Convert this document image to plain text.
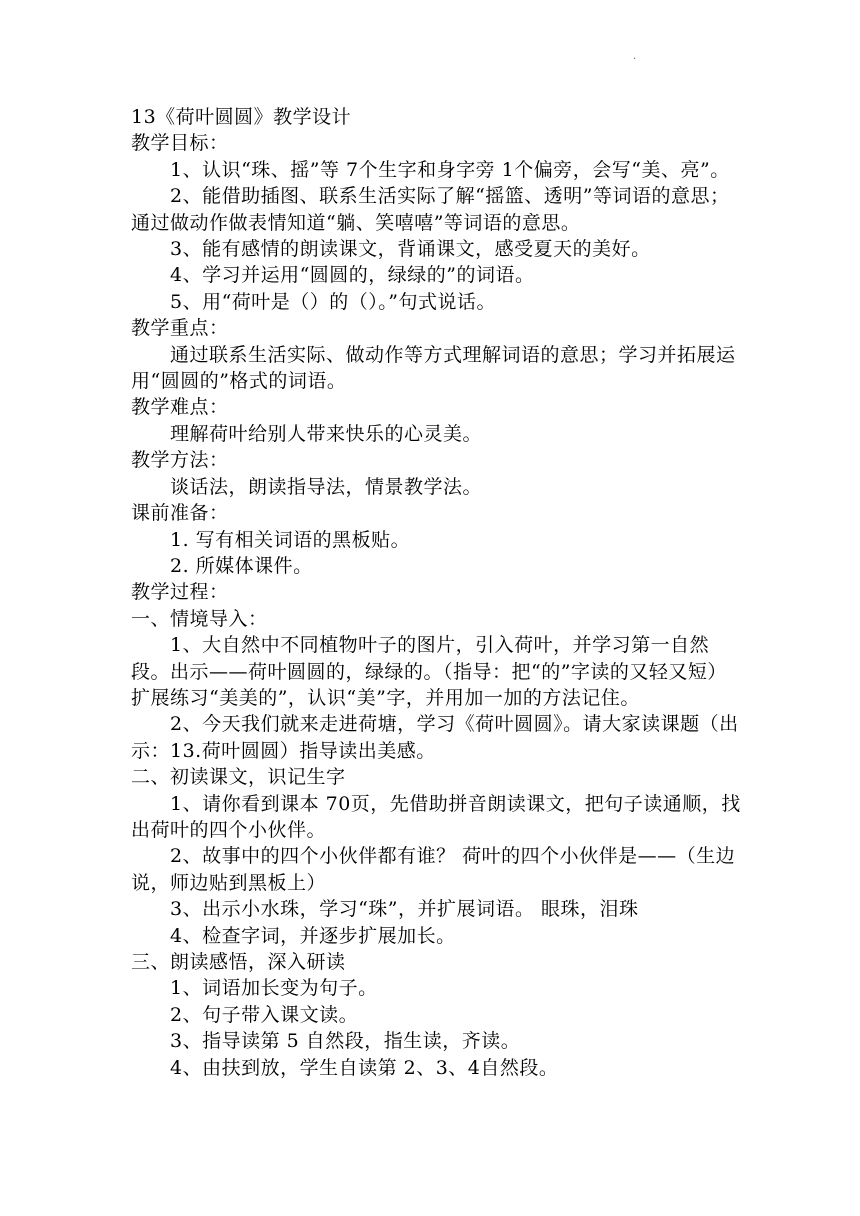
.

13《荷叶圆圆》教学设计

教学目标：

1、认识“珠、摇”等 7个生字和身字旁 1个偏旁，会写“美、亮”。

2、能借助插图、联系生活实际了解“摇篮、透明”等词语的意思；通过做动作做表情知道“躺、笑嘻嘻”等词语的意思。

3、能有感情的朗读课文，背诵课文，感受夏天的美好。

4、学习并运用“圆圆的，绿绿的”的词语。

5、用“荷叶是（）的（）。”句式说话。

教学重点：

通过联系生活实际、做动作等方式理解词语的意思；学习并拓展运用“圆圆的”格式的词语。

教学难点：

理解荷叶给别人带来快乐的心灵美。

教学方法：

谈话法，朗读指导法，情景教学法。

课前准备：

1. 写有相关词语的黑板贴。

2. 所媒体课件。

教学过程：

一、情境导入：

1、大自然中不同植物叶子的图片，引入荷叶，并学习第一自然段。出示——荷叶圆圆的，绿绿的。（指导：把“的”字读的又轻又短）扩展练习“美美的”，认识“美”字，并用加一加的方法记住。

2、今天我们就来走进荷塘，学习《荷叶圆圆》。请大家读课题（出示：13.荷叶圆圆）指导读出美感。

二、初读课文，识记生字

1、请你看到课本 70页，先借助拼音朗读课文，把句子读通顺，找出荷叶的四个小伙伴。

2、故事中的四个小伙伴都有谁？ 荷叶的四个小伙伴是——（生边说，师边贴到黑板上）

3、出示小水珠，学习“珠”，并扩展词语。 眼珠，泪珠

4、检查字词，并逐步扩展加长。

三、朗读感悟，深入研读

1、词语加长变为句子。

2、句子带入课文读。

3、指导读第 5 自然段，指生读，齐读。

4、由扶到放，学生自读第 2、3、4自然段。
